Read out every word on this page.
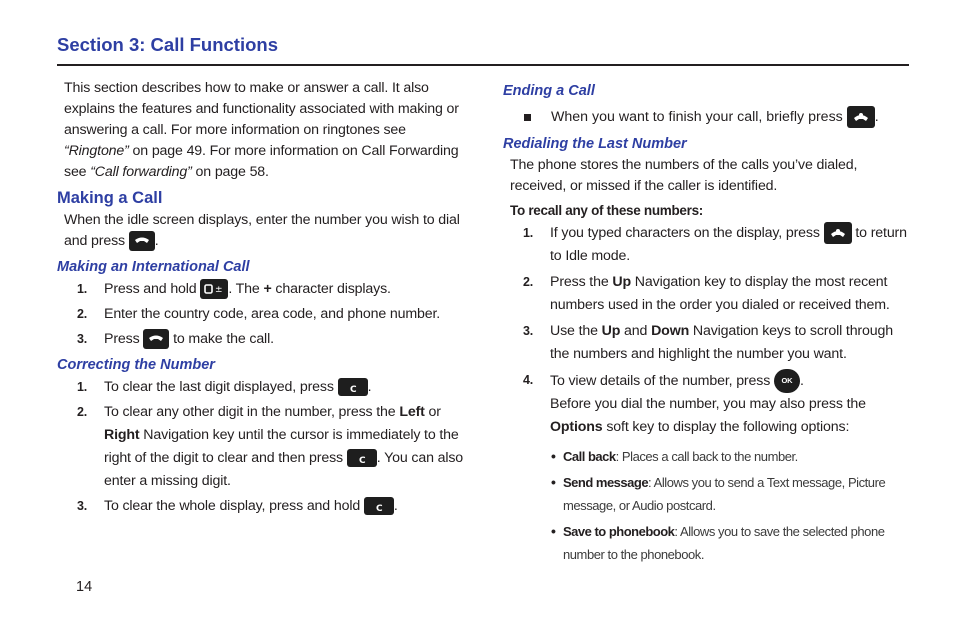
Section 3: Call Functions

This section describes how to make or answer a call. It also explains the features and functionality associated with making or answering a call. For more information on ringtones see “Ringtone” on page 49. For more information on Call Forwarding see “Call forwarding” on page 58.

Making a Call

When the idle screen displays, enter the number you wish to dial and press
.

Making an International Call
1. Press and hold ± . The + character displays.
2. Enter the country code, area code, and phone number.
3. Press
to make the call.
Correcting the Number
1. To clear the last digit displayed, press C .
2. To clear any other digit in the number, press the Left or Right Navigation key until the cursor is immediately to the right of the digit to clear and then press C . You can also enter a missing digit.
3. To clear the whole display, press and hold C .
Ending a Call
When you want to finish your call, briefly press
.
Redialing the Last Number

The phone stores the numbers of the calls you’ve dialed, received, or missed if the caller is identified.

To recall any of these numbers:

1. If you typed characters on the display, press
to return to Idle mode.
2. Press the Up Navigation key to display the most recent numbers used in the order you dialed or received them.
3. Use the Up and Down Navigation keys to scroll through the numbers and highlight the number you want.
4. To view details of the number, press OK .
Before you dial the number, you may also press the Options soft key to display the following options:
• Call back: Places a call back to the number.
• Send message: Allows you to send a Text message, Picture message, or Audio postcard.
• Save to phonebook: Allows you to save the selected phone number to the phonebook.
14
